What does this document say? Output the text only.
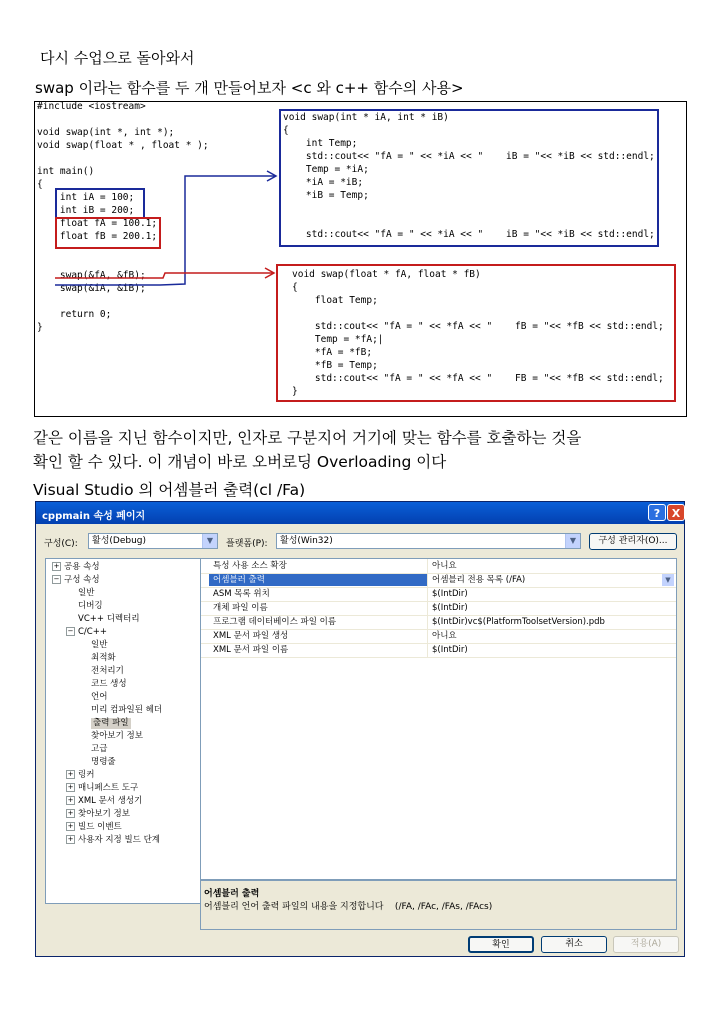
다시 수업으로 돌아와서
swap 이라는 함수를 두 개 만들어보자 <c 와 c++ 함수의 사용>
#include <iostream>

void swap(int *, int *);
void swap(float * , float * );

int main()
{
int iA = 100;
int iB = 200;
float fA = 100.1;
float fB = 200.1;

swap(&fA, &fB);
swap(&iA, &iB);

return 0;
}
void swap(int * iA, int * iB)
{
int Temp;
std::cout<< "fA = " << *iA << "    iB = "<< *iB << std::endl;
Temp = *iA;
*iA = *iB;
*iB = Temp;

std::cout<< "fA = " << *iA << "    iB = "<< *iB << std::endl;
void swap(float * fA, float * fB)
{
float Temp;

std::cout<< "fA = " << *fA << "    fB = "<< *fB << std::endl;
Temp = *fA;|
*fA = *fB;
*fB = Temp;
std::cout<< "fA = " << *fA << "    FB = "<< *fB << std::endl;
}
같은 이름을 지닌 함수이지만, 인자로 구분지어 거기에 맞는 함수를 호출하는 것을
확인 할 수 있다. 이 개념이 바로 오버로딩 Overloading 이다
Visual Studio 의 어셈블러 출력(cl /Fa)
cppmain 속성 페이지	?	X
구성(C):	활성(Debug)	▼	플랫폼(P):	활성(Win32)	▼	구성 관리자(O)...
+ 공용 속성
− 구성 속성
일반
디버깅
VC++ 디렉터리
− C/C++
일반
최적화
전처리기
코드 생성
언어
미리 컴파일된 헤더
출력 파일
찾아보기 정보
고급
명령줄
+ 링커
+ 매니페스트 도구
+ XML 문서 생성기
+ 찾아보기 정보
+ 빌드 이벤트
+ 사용자 지정 빌드 단계
특성 사용 소스 확장	아니요
어셈블러 출력	어셈블리 전용 목록 (/FA)	▼
ASM 목록 위치	$(IntDir)
개체 파일 이름	$(IntDir)
프로그램 데이터베이스 파일 이름	$(IntDir)vc$(PlatformToolsetVersion).pdb
XML 문서 파일 생성	아니요
XML 문서 파일 이름	$(IntDir)
어셈블러 출력
어셈블리 언어 출력 파일의 내용을 지정합니다    (/FA, /FAc, /FAs, /FAcs)
확인	취소	적용(A)
